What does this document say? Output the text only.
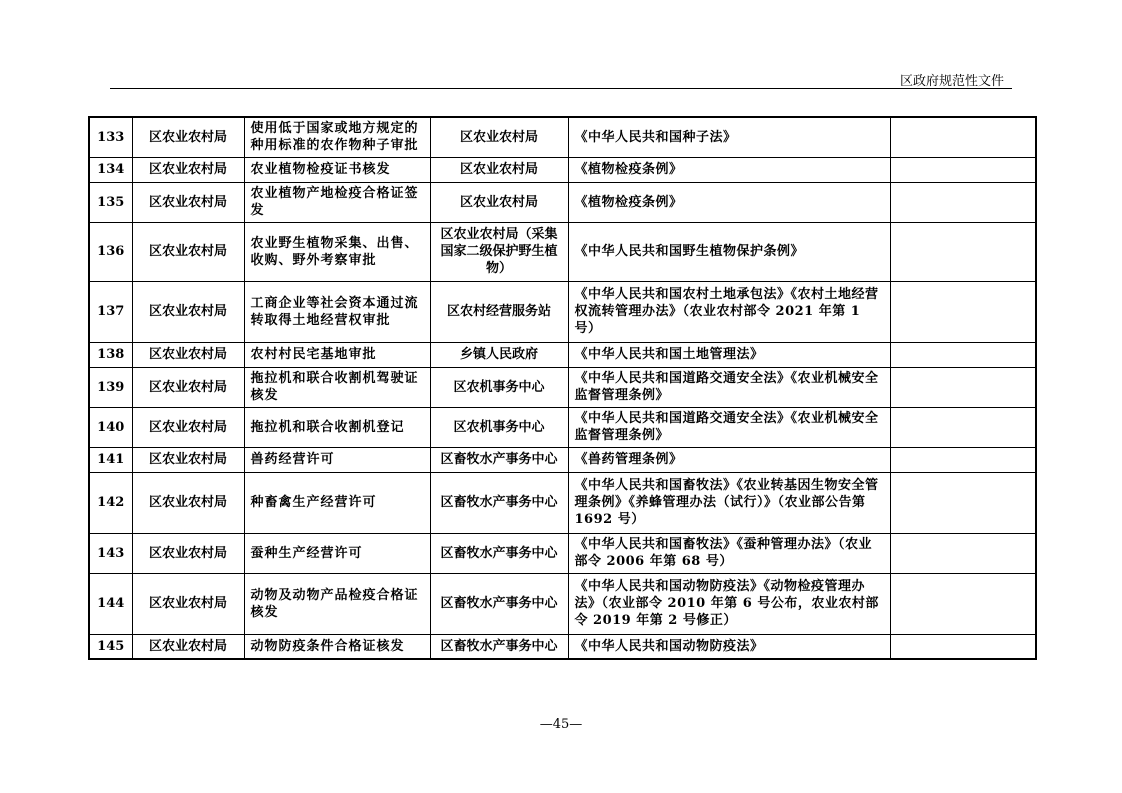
区政府规范性文件
133	区农业农村局	使用低于国家或地方规定的种用标准的农作物种子审批	区农业农村局	《中华人民共和国种子法》	
134	区农业农村局	农业植物检疫证书核发	区农业农村局	《植物检疫条例》	
135	区农业农村局	农业植物产地检疫合格证签发	区农业农村局	《植物检疫条例》	
136	区农业农村局	农业野生植物采集、出售、收购、野外考察审批	区农业农村局（采集国家二级保护野生植物）	《中华人民共和国野生植物保护条例》	
137	区农业农村局	工商企业等社会资本通过流转取得土地经营权审批	区农村经营服务站	《中华人民共和国农村土地承包法》《农村土地经营权流转管理办法》（农业农村部令 2021 年第 1 号）	
138	区农业农村局	农村村民宅基地审批	乡镇人民政府	《中华人民共和国土地管理法》	
139	区农业农村局	拖拉机和联合收割机驾驶证核发	区农机事务中心	《中华人民共和国道路交通安全法》《农业机械安全监督管理条例》	
140	区农业农村局	拖拉机和联合收割机登记	区农机事务中心	《中华人民共和国道路交通安全法》《农业机械安全监督管理条例》	
141	区农业农村局	兽药经营许可	区畜牧水产事务中心	《兽药管理条例》	
142	区农业农村局	种畜禽生产经营许可	区畜牧水产事务中心	《中华人民共和国畜牧法》《农业转基因生物安全管理条例》《养蜂管理办法（试行）》（农业部公告第 1692 号）	
143	区农业农村局	蚕种生产经营许可	区畜牧水产事务中心	《中华人民共和国畜牧法》《蚕种管理办法》（农业部令 2006 年第 68 号）	
144	区农业农村局	动物及动物产品检疫合格证核发	区畜牧水产事务中心	《中华人民共和国动物防疫法》《动物检疫管理办法》（农业部令 2010 年第 6 号公布，农业农村部令 2019 年第 2 号修正）	
145	区农业农村局	动物防疫条件合格证核发	区畜牧水产事务中心	《中华人民共和国动物防疫法》	
—45—
